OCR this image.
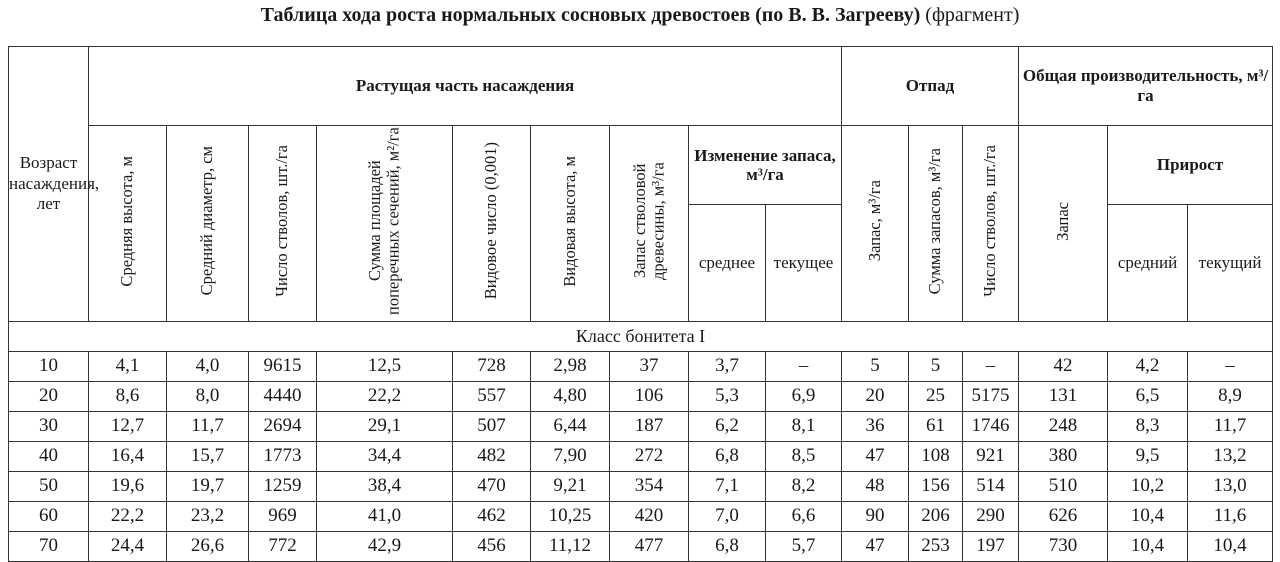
Таблица хода роста нормальных сосновых древостоев (по В. В. Загрееву) (фрагмент)
Возраст насаждения, лет	Растущая часть насаждения									Отпад			Общая производительность, м³/га		
	Средняя высота, м	Средний диаметр, см	Число стволов, шт./га	Сумма площадей поперечных сечений, м²/га	Видовое число (0,001)	Видовая высота, м	Запас стволовой древесины, м³/га	Изменение запаса, м³/га		Запас, м³/га	Сумма запасов, м³/га	Число стволов, шт./га	Запас	Прирост	
								среднее	текущее					средний	текущий
Класс бонитета I															
10	4,1	4,0	9615	12,5	728	2,98	37	3,7	–	5	5	–	42	4,2	–
20	8,6	8,0	4440	22,2	557	4,80	106	5,3	6,9	20	25	5175	131	6,5	8,9
30	12,7	11,7	2694	29,1	507	6,44	187	6,2	8,1	36	61	1746	248	8,3	11,7
40	16,4	15,7	1773	34,4	482	7,90	272	6,8	8,5	47	108	921	380	9,5	13,2
50	19,6	19,7	1259	38,4	470	9,21	354	7,1	8,2	48	156	514	510	10,2	13,0
60	22,2	23,2	969	41,0	462	10,25	420	7,0	6,6	90	206	290	626	10,4	11,6
70	24,4	26,6	772	42,9	456	11,12	477	6,8	5,7	47	253	197	730	10,4	10,4
